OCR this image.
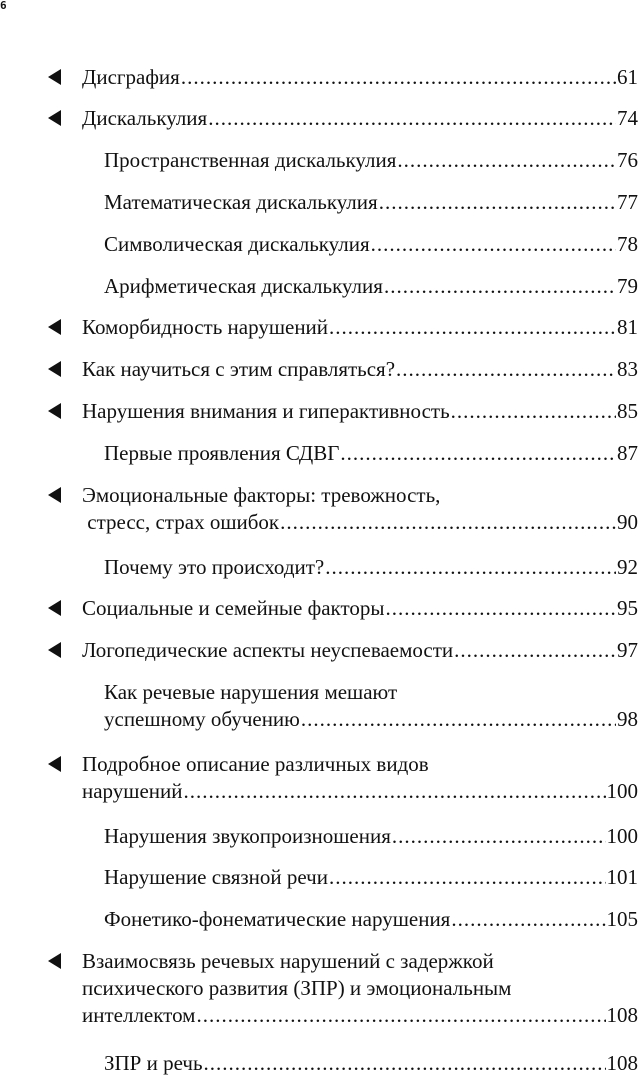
6
Дисграфия .....	61
Дискалькулия .....	74
Пространственная дискалькулия .....	76
Математическая дискалькулия .....	77
Символическая дискалькулия .....	78
Арифметическая дискалькулия .....	79
Коморбидность нарушений .....	81
Как научиться с этим справляться? .....	83
Нарушения внимания и гиперактивность .....	85
Первые проявления СДВГ .....	87
Эмоциональные факторы: тревожность,
стресс, страх ошибок .....	90
Почему это происходит? .....	92
Социальные и семейные факторы .....	95
Логопедические аспекты неуспеваемости .....	97
Как речевые нарушения мешают
успешному обучению .....	98
Подробное описание различных видов
нарушений .....	100
Нарушения звукопроизношения .....	100
Нарушение связной речи .....	101
Фонетико-фонематические нарушения .....	105
Взаимосвязь речевых нарушений с задержкой
психического развития (ЗПР) и эмоциональным
интеллектом .....	108
ЗПР и речь .....	108
